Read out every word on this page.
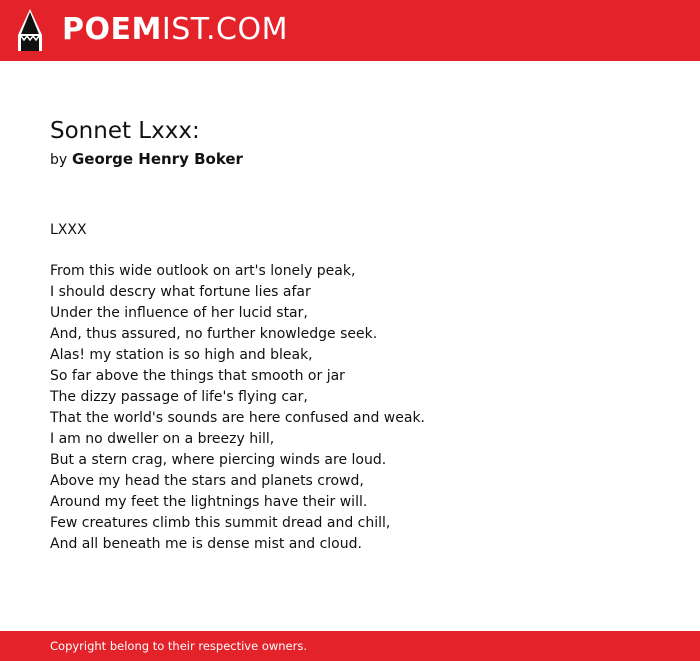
POEMIST.COM
Sonnet Lxxx:
by George Henry Boker
LXXX
From this wide outlook on art's lonely peak,
I should descry what fortune lies afar
Under the influence of her lucid star,
And, thus assured, no further knowledge seek.
Alas! my station is so high and bleak,
So far above the things that smooth or jar
The dizzy passage of life's flying car,
That the world's sounds are here confused and weak.
I am no dweller on a breezy hill,
But a stern crag, where piercing winds are loud.
Above my head the stars and planets crowd,
Around my feet the lightnings have their will.
Few creatures climb this summit dread and chill,
And all beneath me is dense mist and cloud.
Copyright belong to their respective owners.
